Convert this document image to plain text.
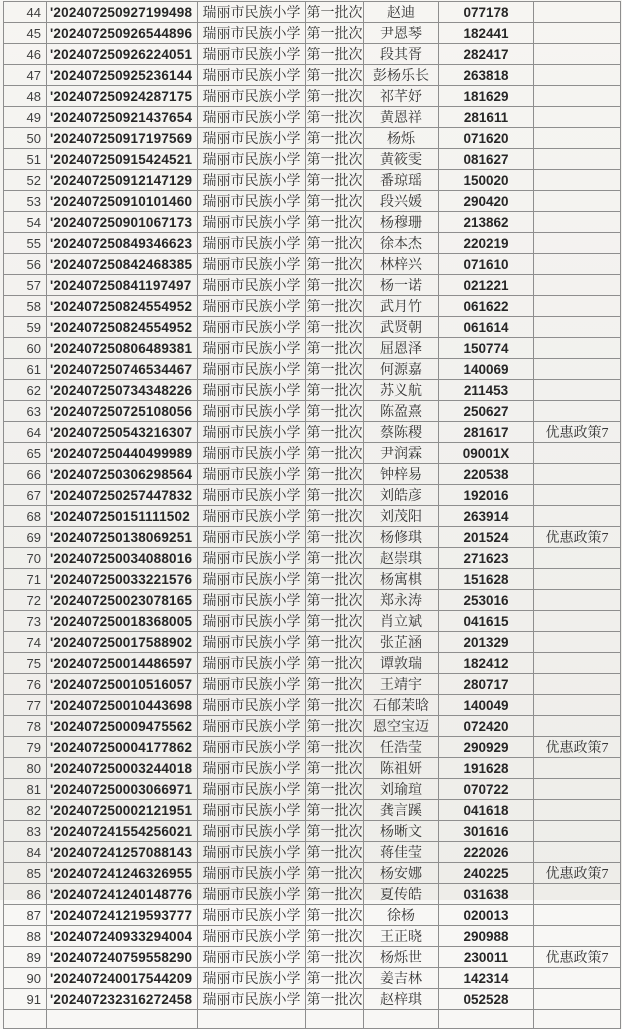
44	'202407250927199498	瑞丽市民族小学	第一批次	赵迪	077178	
45	'202407250926544896	瑞丽市民族小学	第一批次	尹恩琴	182441	
46	'202407250926224051	瑞丽市民族小学	第一批次	段其胥	282417	
47	'202407250925236144	瑞丽市民族小学	第一批次	彭杨乐长	263818	
48	'202407250924287175	瑞丽市民族小学	第一批次	祁芊妤	181629	
49	'202407250921437654	瑞丽市民族小学	第一批次	黄恩祥	281611	
50	'202407250917197569	瑞丽市民族小学	第一批次	杨烁	071620	
51	'202407250915424521	瑞丽市民族小学	第一批次	黄筱雯	081627	
52	'202407250912147129	瑞丽市民族小学	第一批次	番琼瑶	150020	
53	'202407250910101460	瑞丽市民族小学	第一批次	段兴媛	290420	
54	'202407250901067173	瑞丽市民族小学	第一批次	杨穆珊	213862	
55	'202407250849346623	瑞丽市民族小学	第一批次	徐本杰	220219	
56	'202407250842468385	瑞丽市民族小学	第一批次	林梓兴	071610	
57	'202407250841197497	瑞丽市民族小学	第一批次	杨一诺	021221	
58	'202407250824554952	瑞丽市民族小学	第一批次	武月竹	061622	
59	'202407250824554952	瑞丽市民族小学	第一批次	武贤朝	061614	
60	'202407250806489381	瑞丽市民族小学	第一批次	屈恩泽	150774	
61	'202407250746534467	瑞丽市民族小学	第一批次	何源嘉	140069	
62	'202407250734348226	瑞丽市民族小学	第一批次	苏义航	211453	
63	'202407250725108056	瑞丽市民族小学	第一批次	陈盈熹	250627	
64	'202407250543216307	瑞丽市民族小学	第一批次	蔡陈稷	281617	优惠政策7
65	'202407250440499989	瑞丽市民族小学	第一批次	尹润霖	09001X	
66	'202407250306298564	瑞丽市民族小学	第一批次	钟梓易	220538	
67	'202407250257447832	瑞丽市民族小学	第一批次	刘皓彦	192016	
68	'202407250151111502	瑞丽市民族小学	第一批次	刘茂阳	263914	
69	'202407250138069251	瑞丽市民族小学	第一批次	杨修琪	201524	优惠政策7
70	'202407250034088016	瑞丽市民族小学	第一批次	赵崇琪	271623	
71	'202407250033221576	瑞丽市民族小学	第一批次	杨寓棋	151628	
72	'202407250023078165	瑞丽市民族小学	第一批次	郑永涛	253016	
73	'202407250018368005	瑞丽市民族小学	第一批次	肖立斌	041615	
74	'202407250017588902	瑞丽市民族小学	第一批次	张芷涵	201329	
75	'202407250014486597	瑞丽市民族小学	第一批次	谭敦瑞	182412	
76	'202407250010516057	瑞丽市民族小学	第一批次	王靖宇	280717	
77	'202407250010443698	瑞丽市民族小学	第一批次	石郁茉晗	140049	
78	'202407250009475562	瑞丽市民族小学	第一批次	恩空宝迈	072420	
79	'202407250004177862	瑞丽市民族小学	第一批次	任浩莹	290929	优惠政策7
80	'202407250003244018	瑞丽市民族小学	第一批次	陈祖妍	191628	
81	'202407250003066971	瑞丽市民族小学	第一批次	刘瑜瑄	070722	
82	'202407250002121951	瑞丽市民族小学	第一批次	龚言蹊	041618	
83	'202407241554256021	瑞丽市民族小学	第一批次	杨晰文	301616	
84	'202407241257088143	瑞丽市民族小学	第一批次	蒋佳莹	222026	
85	'202407241246326955	瑞丽市民族小学	第一批次	杨安娜	240225	优惠政策7
86	'202407241240148776	瑞丽市民族小学	第一批次	夏传皓	031638	
87	'202407241219593777	瑞丽市民族小学	第一批次	徐杨	020013	
88	'202407240933294004	瑞丽市民族小学	第一批次	王正晓	290988	
89	'202407240759558290	瑞丽市民族小学	第一批次	杨烁世	230011	优惠政策7
90	'202407240017544209	瑞丽市民族小学	第一批次	姜吉林	142314	
91	'202407232316272458	瑞丽市民族小学	第一批次	赵梓琪	052528	
